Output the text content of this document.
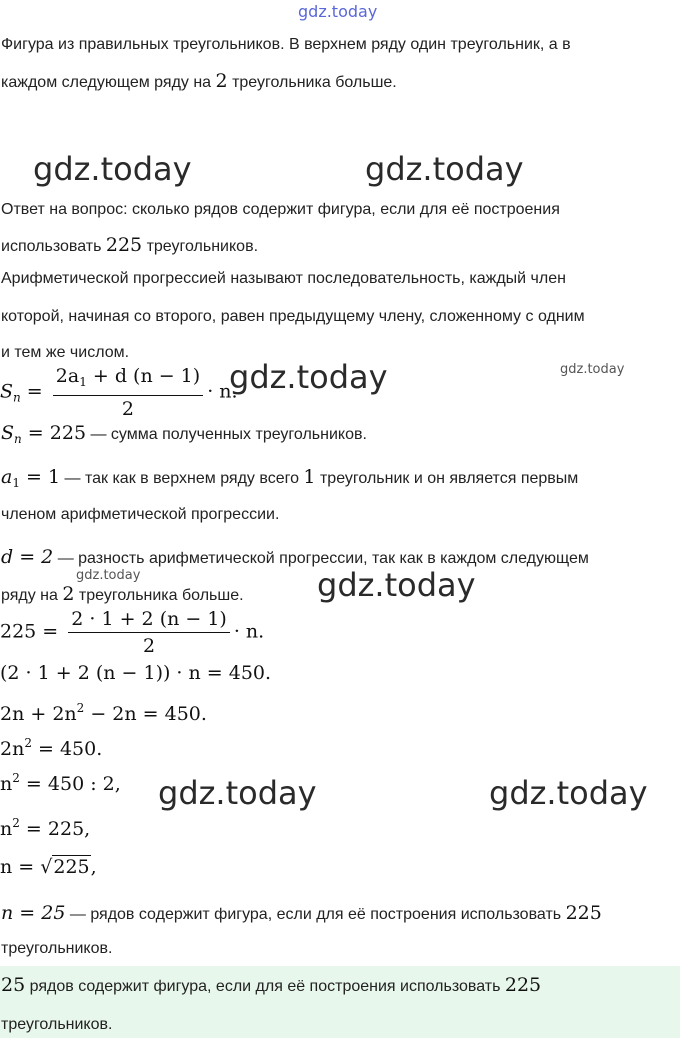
gdz.today
gdz.today	gdz.today
gdz.today	gdz.today
gdz.today	gdz.today
gdz.today	gdz.today

Фигура из правильных треугольников. В верхнем ряду один треугольник, а в

каждом следующем ряду на 2 треугольника больше.

Ответ на вопрос: сколько рядов содержит фигура, если для её построения

использовать 225 треугольников.

Арифметической прогрессией называют последовательность, каждый член

которой, начиная со второго, равен предыдущему члену, сложенному с одним

и тем же числом.

$S_n = \frac{2a_1 + d (n - 1)}{2} \cdot n$.

$S_n = 225$ — сумма полученных треугольников.

$a_1 = 1$ — так как в верхнем ряду всего 1 треугольник и он является первым

членом арифметической прогрессии.

d = 2 — разность арифметической прогрессии, так как в каждом следующем

ряду на 2 треугольника больше.

$225 = \frac{2 \cdot 1 + 2 (n - 1)}{2} \cdot n$.

(2 · 1 + 2 (n − 1)) · n = 450.

$2n + 2n^2 - 2n = 450$.

$2n^2 = 450$.

$n^2 = 450$ : 2,

$n^2 = 225$,

n = √225,

n = 25 — рядов содержит фигура, если для её построения использовать 225

треугольников.

25 рядов содержит фигура, если для её построения использовать 225

треугольников.
